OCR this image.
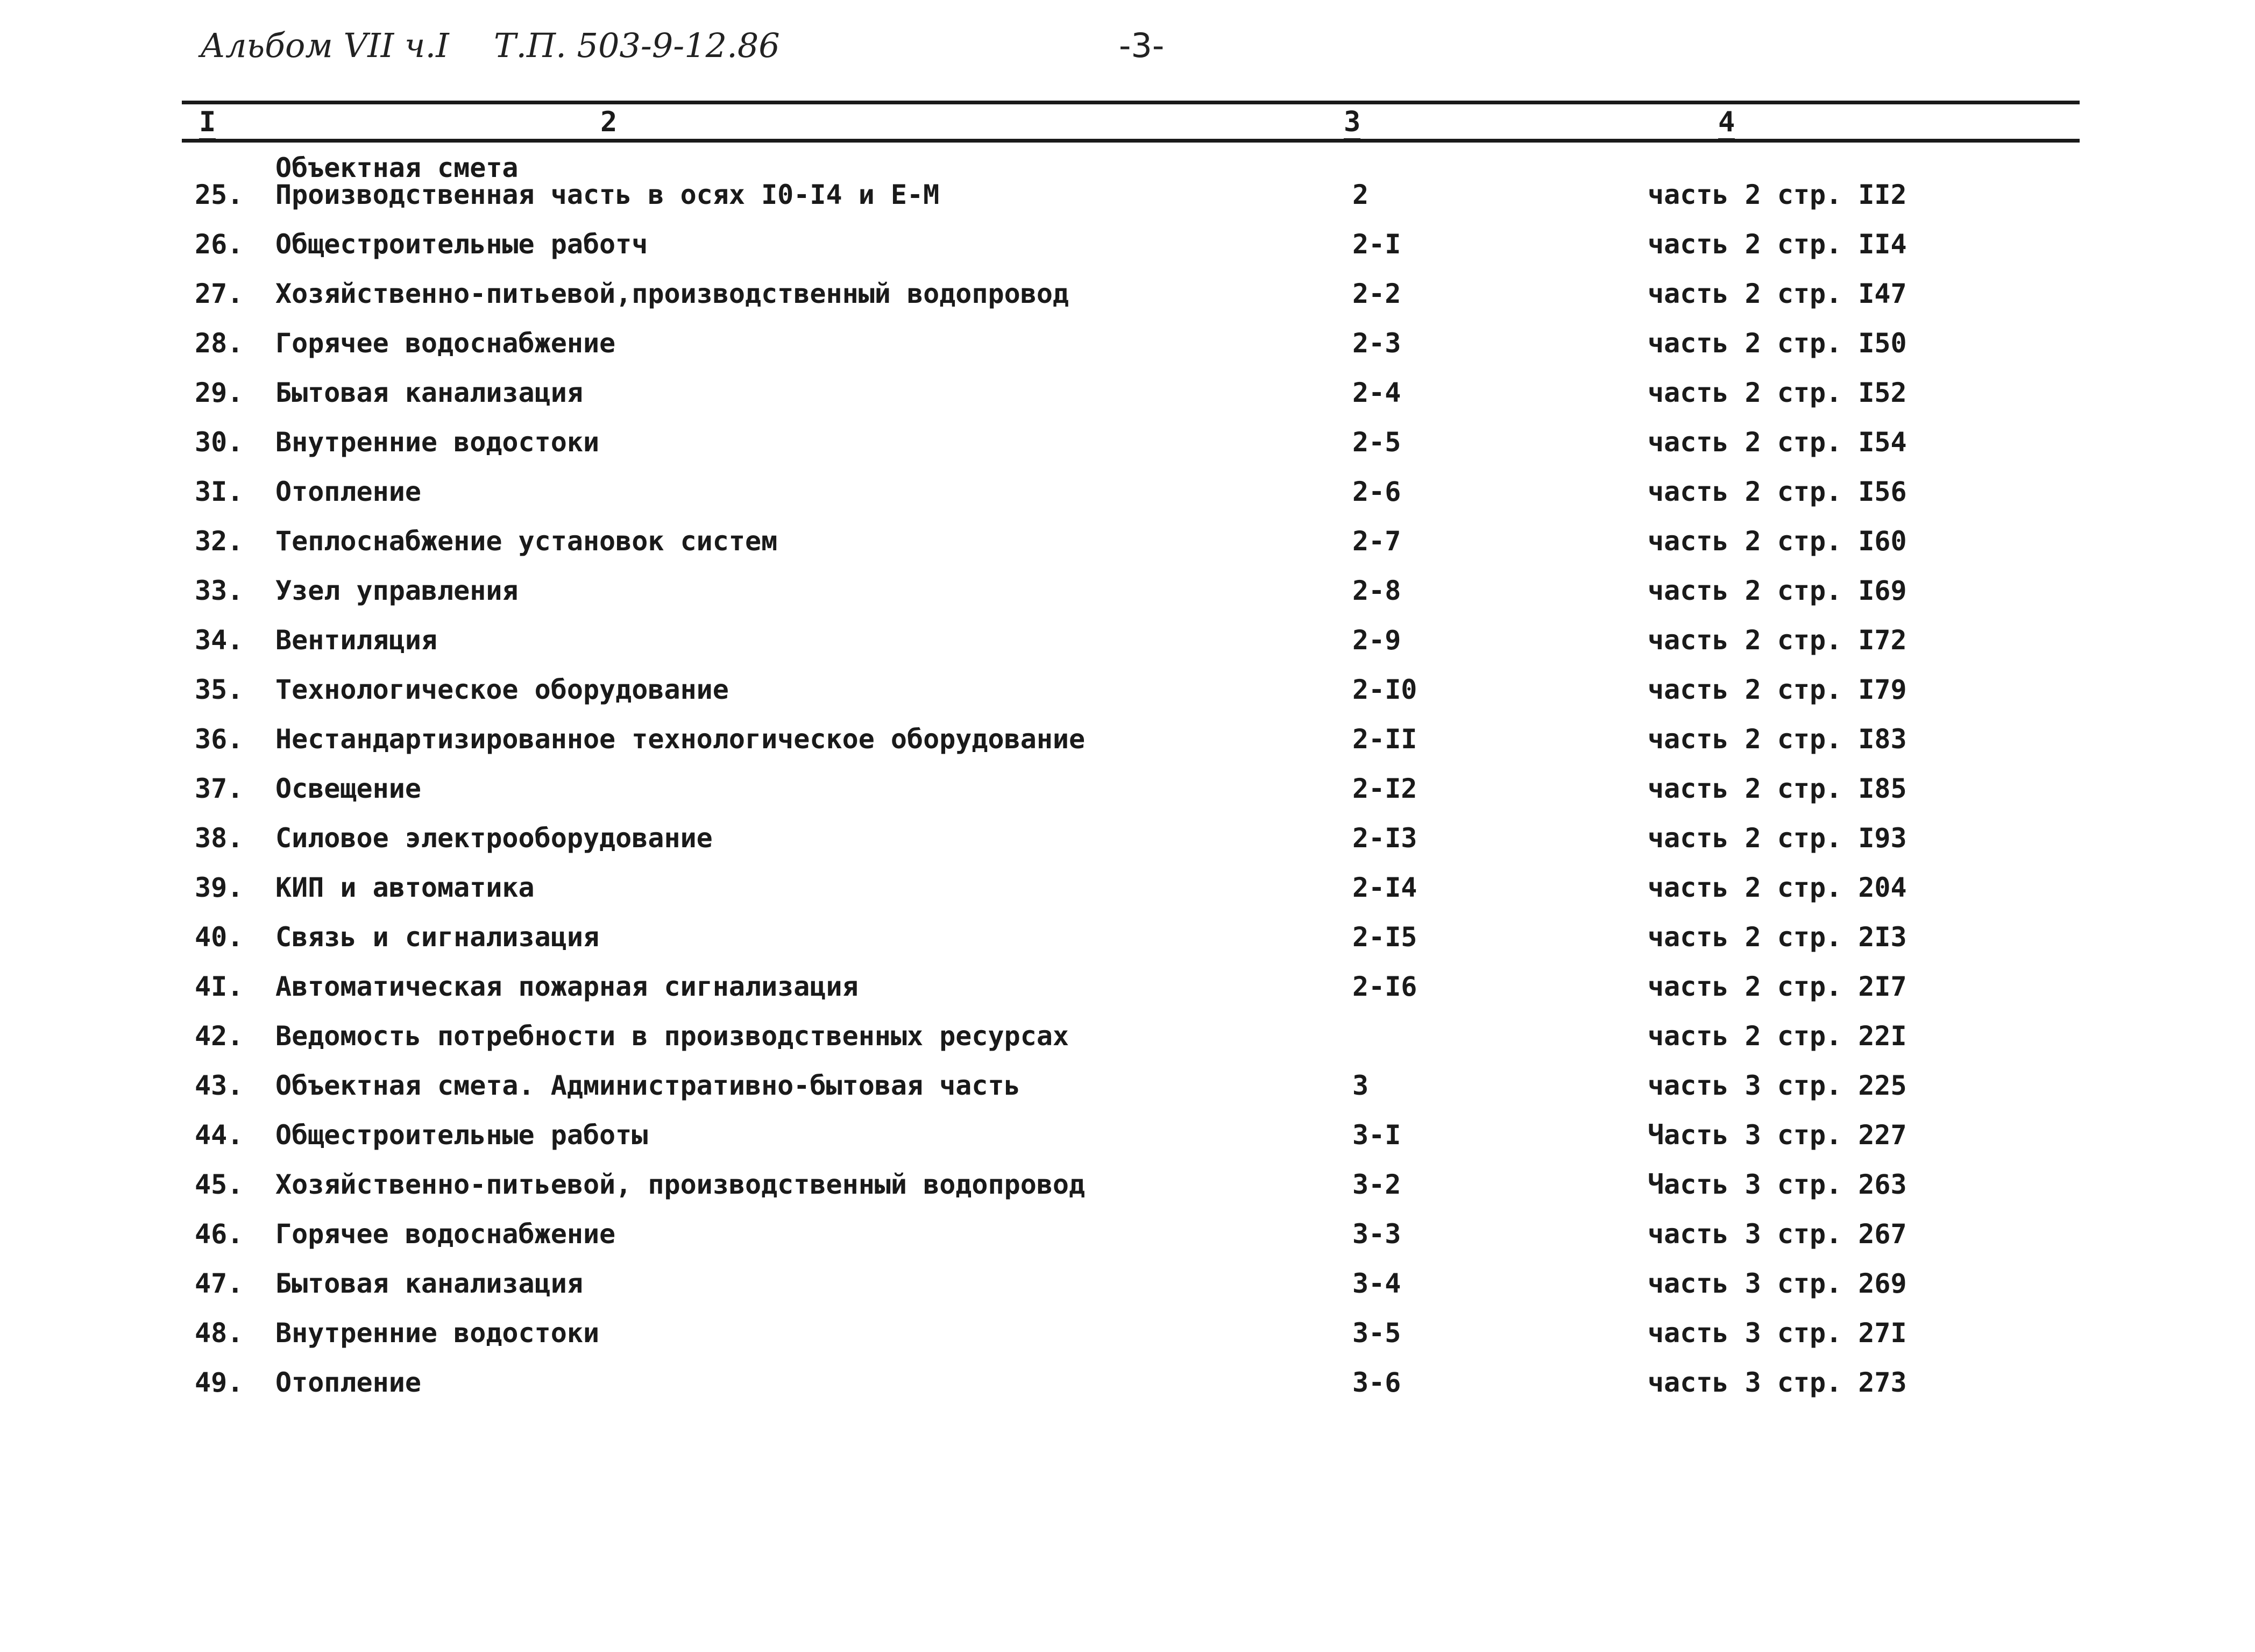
Альбом VII ч.I Т.П. 503-9-12.86	-3-
I	2	3	4
25.	Объектная смета
Производственная часть в осях I0-I4 и Е-М	2	часть 2 стр. II2
26.	Общестроительные работч	2-I	часть 2 стр. II4
27.	Хозяйственно-питьевой,производственный водопровод	2-2	часть 2 стр. I47
28.	Горячее водоснабжение	2-3	часть 2 стр. I50
29.	Бытовая канализация	2-4	часть 2 стр. I52
30.	Внутренние водостоки	2-5	часть 2 стр. I54
3I.	Отопление	2-6	часть 2 стр. I56
32.	Теплоснабжение установок систем	2-7	часть 2 стр. I60
33.	Узел управления	2-8	часть 2 стр. I69
34.	Вентиляция	2-9	часть 2 стр. I72
35.	Технологическое оборудование	2-I0	часть 2 стр. I79
36.	Нестандартизированное технологическое оборудование	2-II	часть 2 стр. I83
37.	Освещение	2-I2	часть 2 стр. I85
38.	Силовое электрооборудование	2-I3	часть 2 стр. I93
39.	КИП и автоматика	2-I4	часть 2 стр. 204
40.	Связь и сигнализация	2-I5	часть 2 стр. 2I3
4I.	Автоматическая пожарная сигнализация	2-I6	часть 2 стр. 2I7
42.	Ведомость потребности в производственных ресурсах		часть 2 стр. 22I
43.	Объектная смета. Административно-бытовая часть	3	часть 3 стр. 225
44.	Общестроительные работы	3-I	Часть 3 стр. 227
45.	Хозяйственно-питьевой, производственный водопровод	3-2	Часть 3 стр. 263
46.	Горячее водоснабжение	3-3	часть 3 стр. 267
47.	Бытовая канализация	3-4	часть 3 стр. 269
48.	Внутренние водостоки	3-5	часть 3 стр. 27I
49.	Отопление	3-6	часть 3 стр. 273
